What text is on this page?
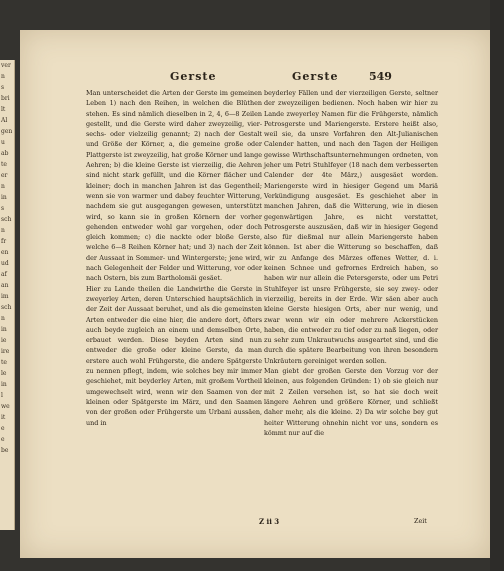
ver
n
s
bri
lt
Al
gen
u
ab
te
er
n
in
s
sch
n
fr
en
ud
af
an
im
sch
n
in
ie
ire
te
le
in
l
we
it
e
e
be
Gerste	Gerste	549

Man unterscheidet die Arten der Gerste im gemeinen Leben 1) nach den Reihen, in welchen die Blüthen stehen. Es sind nämlich dieselben in 2, 4, 6—8 Zeilen gestellt, und die Gerste wird daher zweyzeilig, vier- sechs- oder vielzeilig genannt; 2) nach der Gestalt und Größe der Körner, a, die gemeine große oder Plattgerste ist zweyzeilig, hat große Körner und lange Aehren; b) die kleine Gerste ist vierzeilig, die Aehren sind nicht stark gefüllt, und die Körner flächer und kleiner; doch in manchen Jahren ist das Gegentheil; wenn sie von warmer und dabey feuchter Witterung, nachdem sie gut ausgegangen gewesen, unterstützt wird, so kann sie in großen Körnern der vorher gehenden entweder wohl gar vorgehen, oder doch gleich kommen; c) die nackte oder bloße Gerste, welche 6—8 Reihen Körner hat; und 3) nach der Zeit der Aussaat in Sommer- und Wintergerste; jene wird, nach Gelegenheit der Felder und Witterung, vor oder nach Ostern, bis zum Bartholomäi gesäet.

Hier zu Lande theilen die Landwirthe die Gerste in zweyerley Arten, deren Unterschied hauptsächlich in der Zeit der Aussaat beruhet, und als die gemeinsten Arten entweder die eine hier, die andere dort, öfters auch beyde zugleich an einem und demselben Orte, erbauet werden. Diese beyden Arten sind nun entweder die große oder kleine Gerste, da man erstere auch wohl Frühgerste, die andere Spätgerste zu nennen pflegt, indem, wie solches bey mir immer geschiehet, mit beyderley Arten, mit großem Vortheil umgewechselt wird, wenn wir den Saamen von der kleinen oder Spätgerste im März, und den Saamen von der großen oder Frühgerste um Urbani aussäen, und in

beyderley Fällen und der vierzeiligen Gerste, seltner der zweyzeiligen bedienen. Noch haben wir hier zu Lande zweyerley Namen für die Frühgerste, nämlich Petrosgerste und Mariengerste. Erstere heißt also, weil sie, da unsre Vorfahren den Alt-Julianischen Calender hatten, und nach den Tagen der Heiligen gewisse Wirthschaftsunternehmungen ordneten, von jeher um Petri Stuhlfeyer (18 nach dem verbesserten Calender der 4te März,) ausgesäet worden. Mariengerste wird in hiesiger Gegend um Mariä Verkündigung ausgesäet. Es geschiehet aber in manchen Jahren, daß die Witterung, wie in diesen gegenwärtigen Jahre, es nicht verstattet, Petrosgerste auszusäen, daß wir in hiesiger Gegend also für dießmal nur allein Mariengerste haben können. Ist aber die Witterung so beschaffen, daß wir zu Anfange des Märzes offenes Wetter, d. i. keinen Schnee und gefrornes Erdreich haben, so haben wir nur allein die Petersgerste, oder um Petri Stuhlfeyer ist unsre Frühgerste, sie sey zwey- oder vierzeilig, bereits in der Erde. Wir säen aber auch kleine Gerste hiesigen Orts, aber nur wenig, und zwar wenn wir ein oder mehrere Ackerstücken haben, die entweder zu tief oder zu naß liegen, oder zu sehr zum Unkrautwuchs ausgeartet sind, und die durch die spätere Bearbeitung von ihren besondern Unkräutern gereiniget werden sollen.

Man giebt der großen Gerste den Vorzug vor der kleinen, aus folgenden Gründen: 1) ob sie gleich nur mit 2 Zeilen versehen ist, so hat sie doch weit längere Aehren und größere Körner, und schließt daher mehr, als die kleine. 2) Da wir solche bey gut heiter Witterung ohnehin nicht vor uns, sondern es kömmt nur auf die

Z ii 3	Zeit
